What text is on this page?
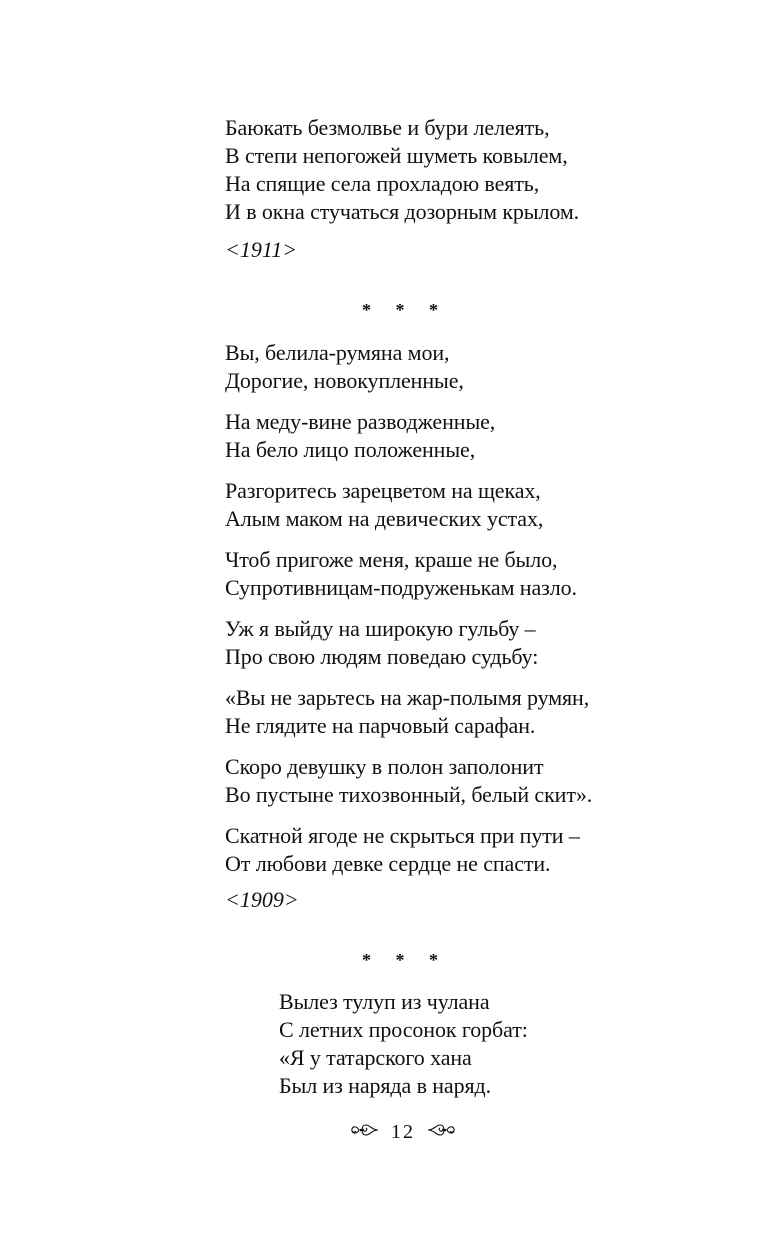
Баюкать безмолвье и бури лелеять,
В степи непогожей шуметь ковылем,
На спящие села прохладою веять,
И в окна стучаться дозорным крылом.
<1911>
* * *
Вы, белила-румяна мои,
Дорогие, новокупленные,
На меду-вине разводженные,
На бело лицо положенные,
Разгоритесь зарецветом на щеках,
Алым маком на девических устах,
Чтоб пригоже меня, краше не было,
Супротивницам-подруженькам назло.
Уж я выйду на широкую гульбу –
Про свою людям поведаю судьбу:
«Вы не зарьтесь на жар-полымя румян,
Не глядите на парчовый сарафан.
Скоро девушку в полон заполонит
Во пустыне тихозвонный, белый скит».
Скатной ягоде не скрыться при пути –
От любови девке сердце не спасти.
<1909>
* * *
Вылез тулуп из чулана
С летних просонок горбат:
«Я у татарского хана
Был из наряда в наряд.
12
